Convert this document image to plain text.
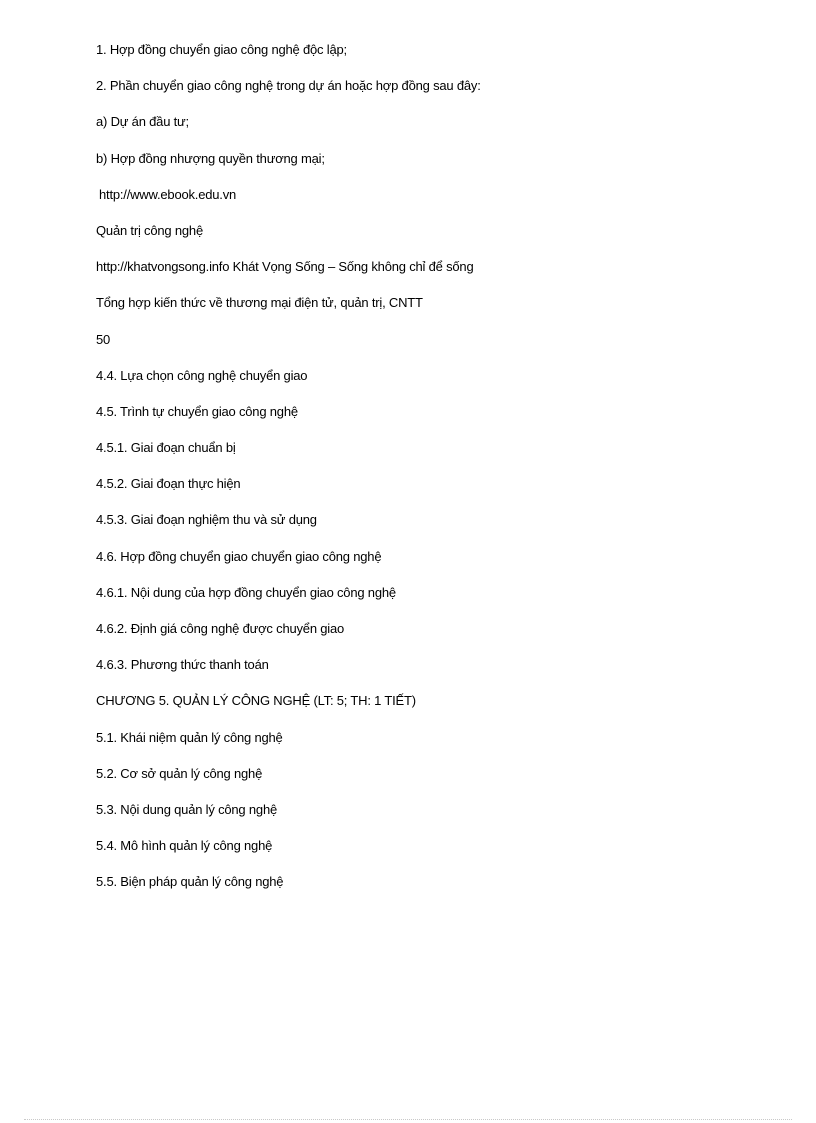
1. Hợp đồng chuyển giao công nghệ độc lập;
2. Phần chuyển giao công nghệ trong dự án hoặc hợp đồng sau đây:
a) Dự án đầu tư;
b) Hợp đồng nhượng quyền thương mại;
http://www.ebook.edu.vn
Quản trị công nghệ
http://khatvongsong.info Khát Vọng Sống – Sống không chỉ để sống
Tổng hợp kiến thức về thương mại điện tử, quản trị, CNTT
50
4.4. Lựa chọn công nghệ chuyển giao
4.5. Trình tự chuyển giao công nghệ
4.5.1. Giai đoạn chuẩn bị
4.5.2. Giai đoạn thực hiện
4.5.3. Giai đoạn nghiệm thu và sử dụng
4.6. Hợp đồng chuyển giao chuyển giao công nghệ
4.6.1. Nội dung của hợp đồng chuyển giao công nghệ
4.6.2. Định giá công nghệ được chuyển giao
4.6.3. Phương thức thanh toán
CHƯƠNG 5. QUẢN LÝ CÔNG NGHỆ (LT: 5; TH: 1 TIẾT)
5.1. Khái niệm quản lý công nghệ
5.2. Cơ sở quản lý công nghệ
5.3. Nội dung quản lý công nghệ
5.4. Mô hình quản lý công nghệ
5.5. Biện pháp quản lý công nghệ
